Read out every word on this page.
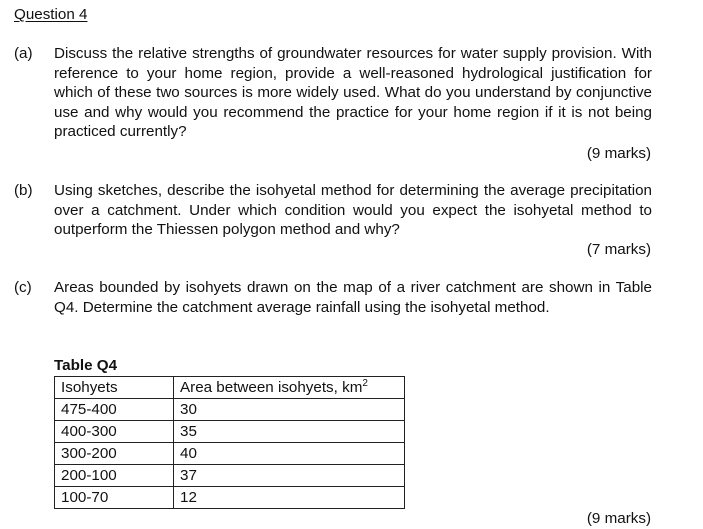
Question 4
(a) Discuss the relative strengths of groundwater resources for water supply provision. With reference to your home region, provide a well-reasoned hydrological justification for which of these two sources is more widely used. What do you understand by conjunctive use and why would you recommend the practice for your home region if it is not being practiced currently?
(9 marks)
(b) Using sketches, describe the isohyetal method for determining the average precipitation over a catchment. Under which condition would you expect the isohyetal method to outperform the Thiessen polygon method and why?
(7 marks)
(c) Areas bounded by isohyets drawn on the map of a river catchment are shown in Table Q4. Determine the catchment average rainfall using the isohyetal method.
Table Q4
Isohyets	Area between isohyets, $km^2$
475-400	30
400-300	35
300-200	40
200-100	37
100-70	12
(9 marks)
